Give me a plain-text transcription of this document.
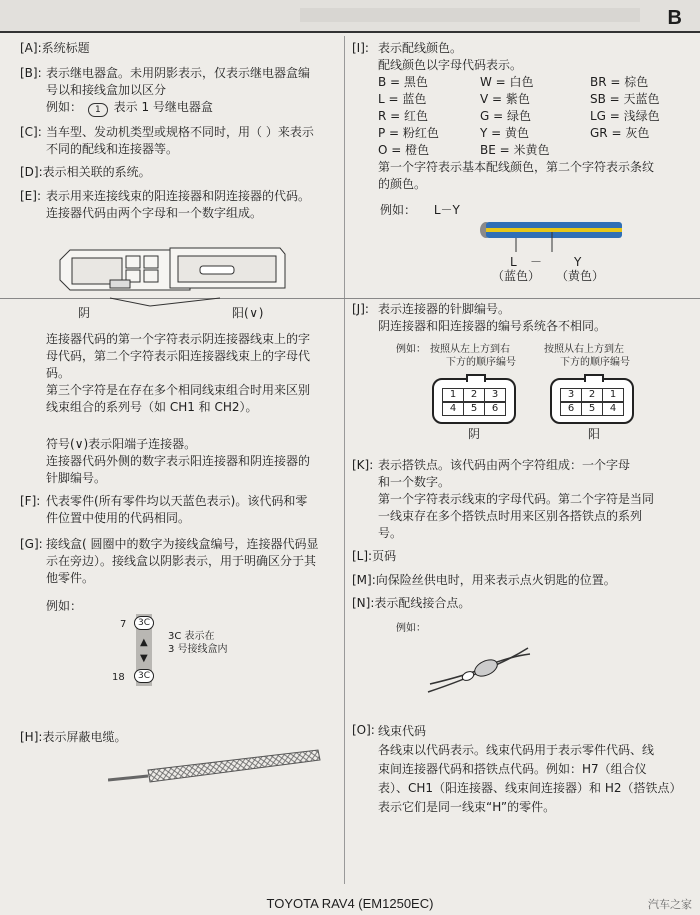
B
[A]:系统标题
[B]: 表示继电器盒。未用阴影表示，仅表示继电器盒编
号以和接线盒加以区分
例如： 1 表示 1 号继电器盒
[C]: 当车型、发动机类型或规格不同时，用（ ）来表示
不同的配线和连接器等。
[D]:表示相关联的系统。
[E]: 表示用来连接线束的阳连接器和阴连接器的代码。
连接器代码由两个字母和一个数字组成。
阴	阳(∨)
连接器代码的第一个字符表示阴连接器线束上的字
母代码，第二个字符表示阳连接器线束上的字母代
码。
第三个字符是在存在多个相同线束组合时用来区别
线束组合的系列号（如 CH1 和 CH2）。
符号(∨)表示阳端子连接器。
连接器代码外侧的数字表示阳连接器和阴连接器的
针脚编号。
[F]: 代表零件(所有零件均以天蓝色表示)。该代码和零
件位置中使用的代码相同。
[G]: 接线盒( 圆圈中的数字为接线盒编号，连接器代码显
示在旁边）。接线盒以阴影表示，用于明确区分于其
他零件。
例如：
7	3C
▲
▼
18	3C
3C 表示在
3 号接线盒内
[H]:表示屏蔽电缆。
[I]: 表示配线颜色。
配线颜色以字母代码表示。
B = 黑色	W = 白色	BR = 棕色
L = 蓝色	V = 紫色	SB = 天蓝色
R = 红色	G = 绿色	LG = 浅绿色
P = 粉红色	Y = 黄色	GR = 灰色
O = 橙色	BE = 米黄色	
第一个字符表示基本配线颜色，第二个字符表示条纹
的颜色。
例如： L－Y
L －	Y
（蓝色） （黄色）
[J]: 表示连接器的针脚编号。
阴连接器和阳连接器的编号系统各不相同。
例如： 按照从左上方到右
下方的顺序编号
按照从右上方到左
下方的顺序编号
1	2	3
4	5	6
阴
3	2	1
6	5	4
阳
[K]: 表示搭铁点。该代码由两个字符组成：一个字母
和一个数字。
第一个字符表示线束的字母代码。第二个字符是当同
一线束存在多个搭铁点时用来区别各搭铁点的系列
号。
[L]:页码
[M]:向保险丝供电时，用来表示点火钥匙的位置。
[N]:表示配线接合点。
例如：
[O]: 线束代码
各线束以代码表示。线束代码用于表示零件代码、线
束间连接器代码和搭铁点代码。例如：H7（组合仪
表）、CH1（阳连接器、线束间连接器）和 H2（搭铁点）
表示它们是同一线束“H”的零件。
TOYOTA RAV4 (EM1250EC)	汽车之家
